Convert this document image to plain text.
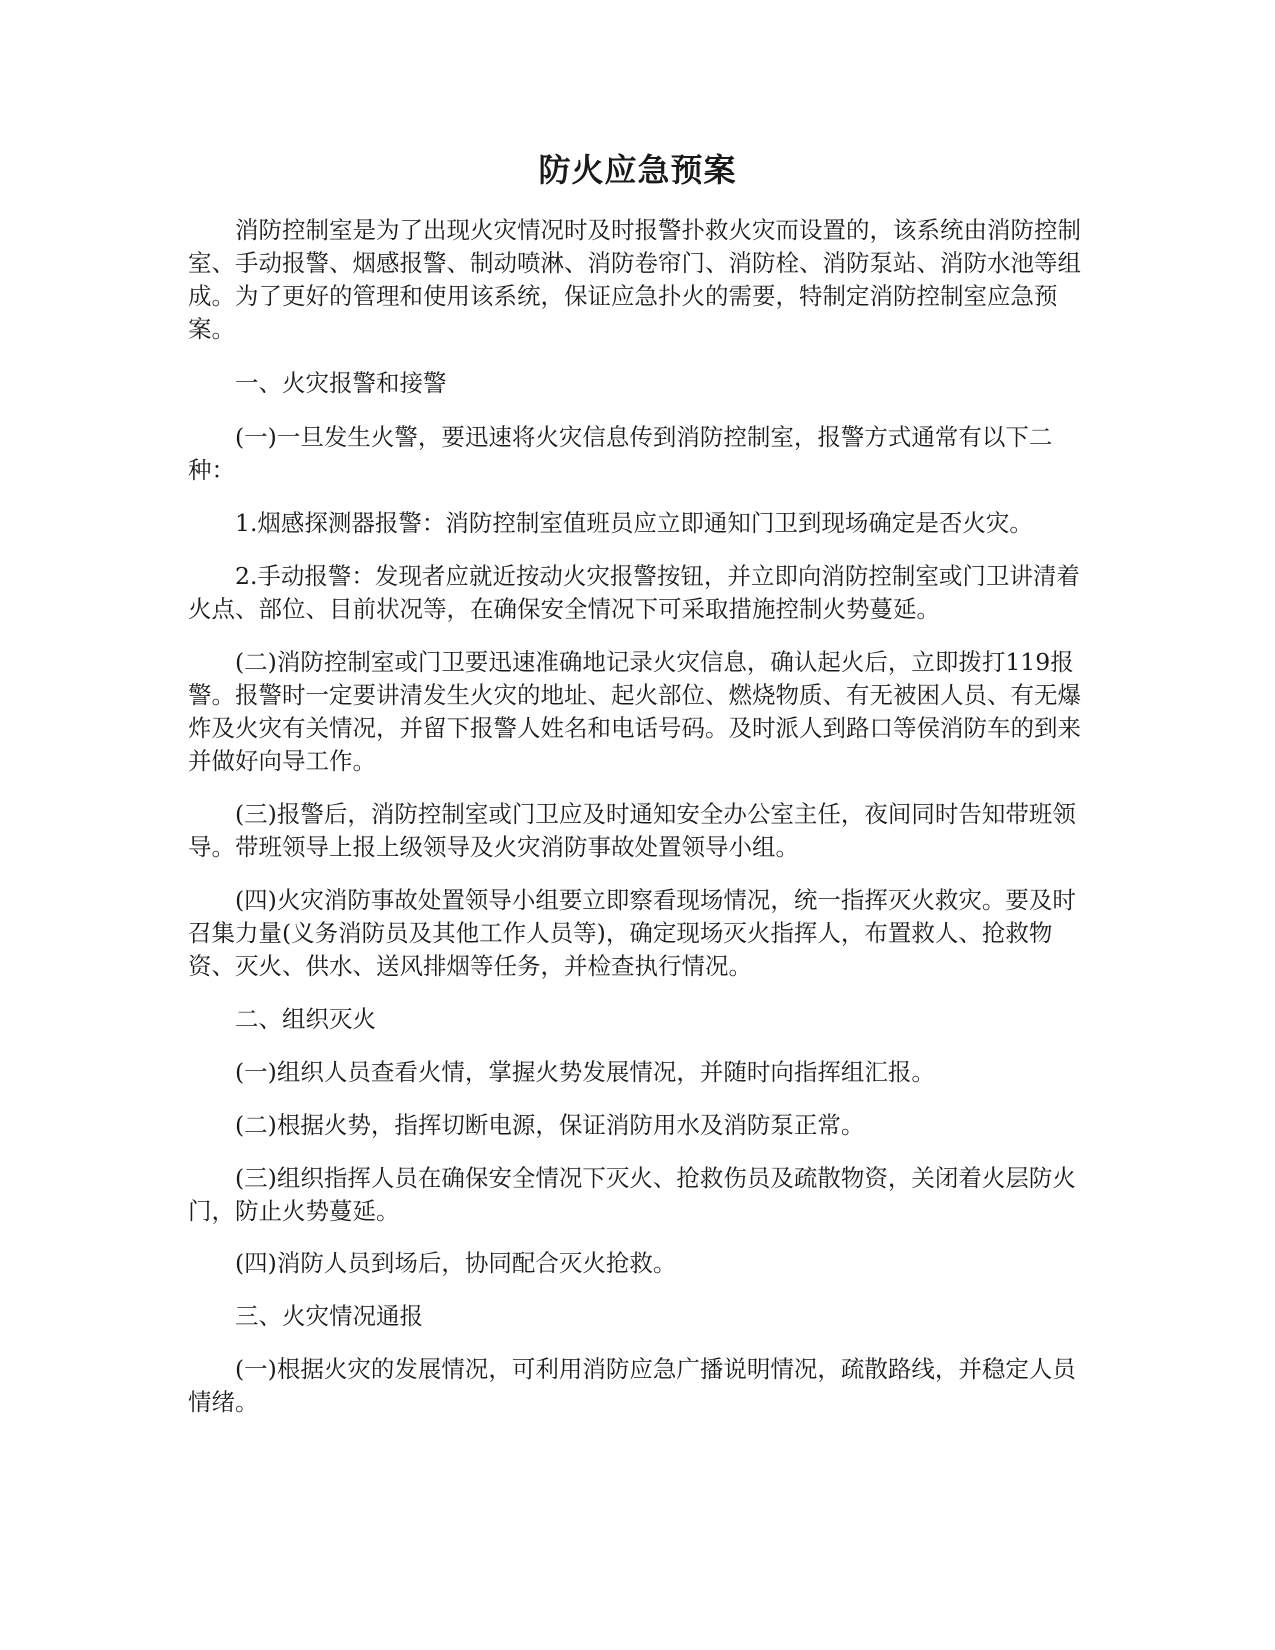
防火应急预案

消防控制室是为了出现火灾情况时及时报警扑救火灾而设置的，该系统由消防控制室、手动报警、烟感报警、制动喷淋、消防卷帘门、消防栓、消防泵站、消防水池等组成。为了更好的管理和使用该系统，保证应急扑火的需要，特制定消防控制室应急预案。

一、火灾报警和接警

(一)一旦发生火警，要迅速将火灾信息传到消防控制室，报警方式通常有以下二种：

1.烟感探测器报警：消防控制室值班员应立即通知门卫到现场确定是否火灾。

2.手动报警：发现者应就近按动火灾报警按钮，并立即向消防控制室或门卫讲清着火点、部位、目前状况等，在确保安全情况下可采取措施控制火势蔓延。

(二)消防控制室或门卫要迅速准确地记录火灾信息，确认起火后，立即拨打119报警。报警时一定要讲清发生火灾的地址、起火部位、燃烧物质、有无被困人员、有无爆炸及火灾有关情况，并留下报警人姓名和电话号码。及时派人到路口等侯消防车的到来并做好向导工作。

(三)报警后，消防控制室或门卫应及时通知安全办公室主任，夜间同时告知带班领导。带班领导上报上级领导及火灾消防事故处置领导小组。

(四)火灾消防事故处置领导小组要立即察看现场情况，统一指挥灭火救灾。要及时召集力量(义务消防员及其他工作人员等)，确定现场灭火指挥人，布置救人、抢救物资、灭火、供水、送风排烟等任务，并检查执行情况。

二、组织灭火

(一)组织人员查看火情，掌握火势发展情况，并随时向指挥组汇报。

(二)根据火势，指挥切断电源，保证消防用水及消防泵正常。

(三)组织指挥人员在确保安全情况下灭火、抢救伤员及疏散物资，关闭着火层防火门，防止火势蔓延。

(四)消防人员到场后，协同配合灭火抢救。

三、火灾情况通报

(一)根据火灾的发展情况，可利用消防应急广播说明情况，疏散路线，并稳定人员情绪。
